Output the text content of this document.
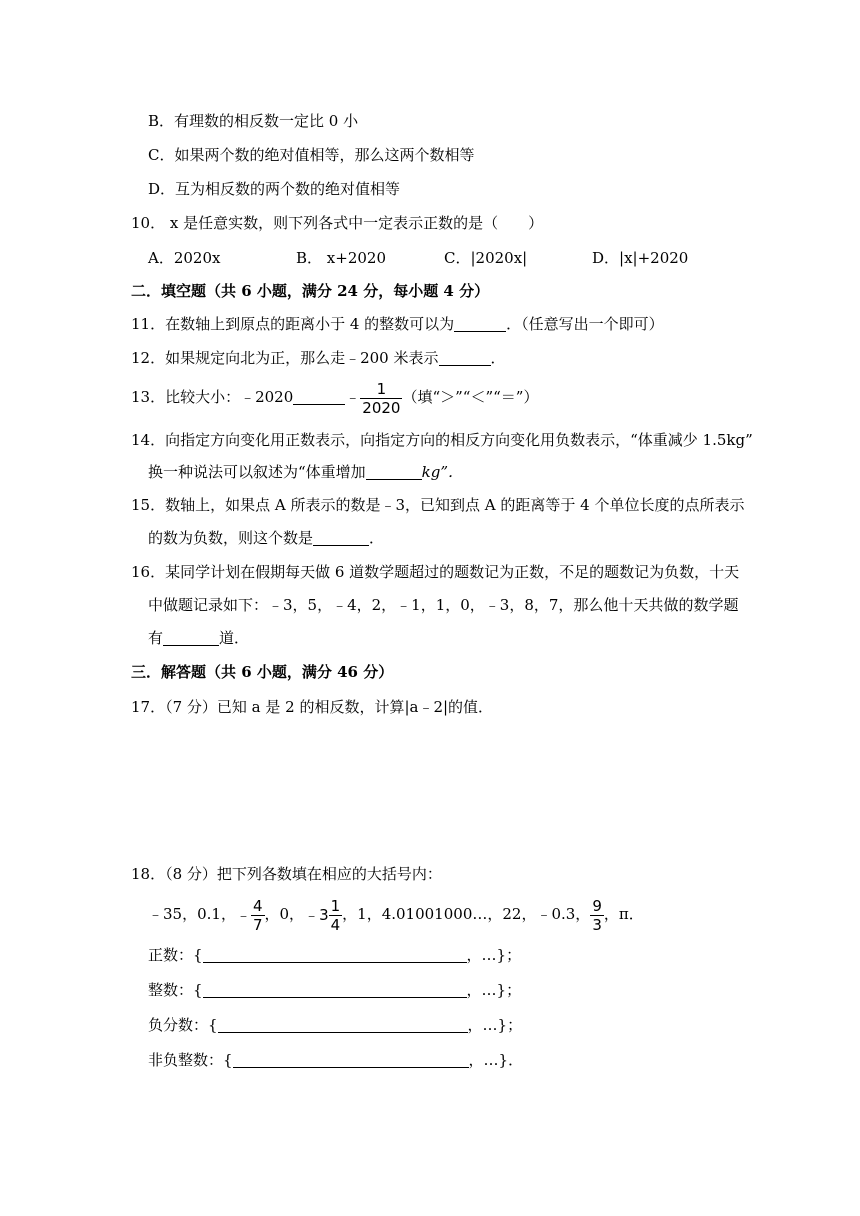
B．有理数的相反数一定比 0 小
C．如果两个数的绝对值相等，那么这两个数相等
D．互为相反数的两个数的绝对值相等
10． x 是任意实数，则下列各式中一定表示正数的是（　　）
A．2020x	B． x+2020	C．|2020x|	D．|x|+2020
二．填空题（共 6 小题，满分 24 分，每小题 4 分）
11．在数轴上到原点的距离小于 4 的整数可以为	．（任意写出一个即可）
12．如果规定向北为正，那么走﹣200 米表示	．
13．比较大小：﹣2020	﹣ $\frac{1}{2020}$ （填“＞”“＜”“＝”）
14．向指定方向变化用正数表示，向指定方向的相反方向变化用负数表示，“体重减少 1.5kg”
换一种说法可以叙述为“体重增加	kg”．
15．数轴上，如果点 A 所表示的数是﹣3，已知到点 A 的距离等于 4 个单位长度的点所表示
的数为负数，则这个数是	．
16．某同学计划在假期每天做 6 道数学题超过的题数记为正数，不足的题数记为负数，十天
中做题记录如下：﹣3，5，﹣4，2，﹣1，1，0，﹣3，8，7，那么他十天共做的数学题
有	道．
三．解答题（共 6 小题，满分 46 分）
17．（7 分）已知 a 是 2 的相反数，计算|a﹣2|的值．
18．（8 分）把下列各数填在相应的大括号内：
﹣35，0.1，﹣ $\frac{4}{7}$ ，0，﹣3 $\frac{1}{4}$ ，1，4.01001000…，22，﹣0.3， $\frac{9}{3}$ ，π．
正数：{	，…}；
整数：{	，…}；
负分数：{	，…}；
非负整数：{	，…}．
